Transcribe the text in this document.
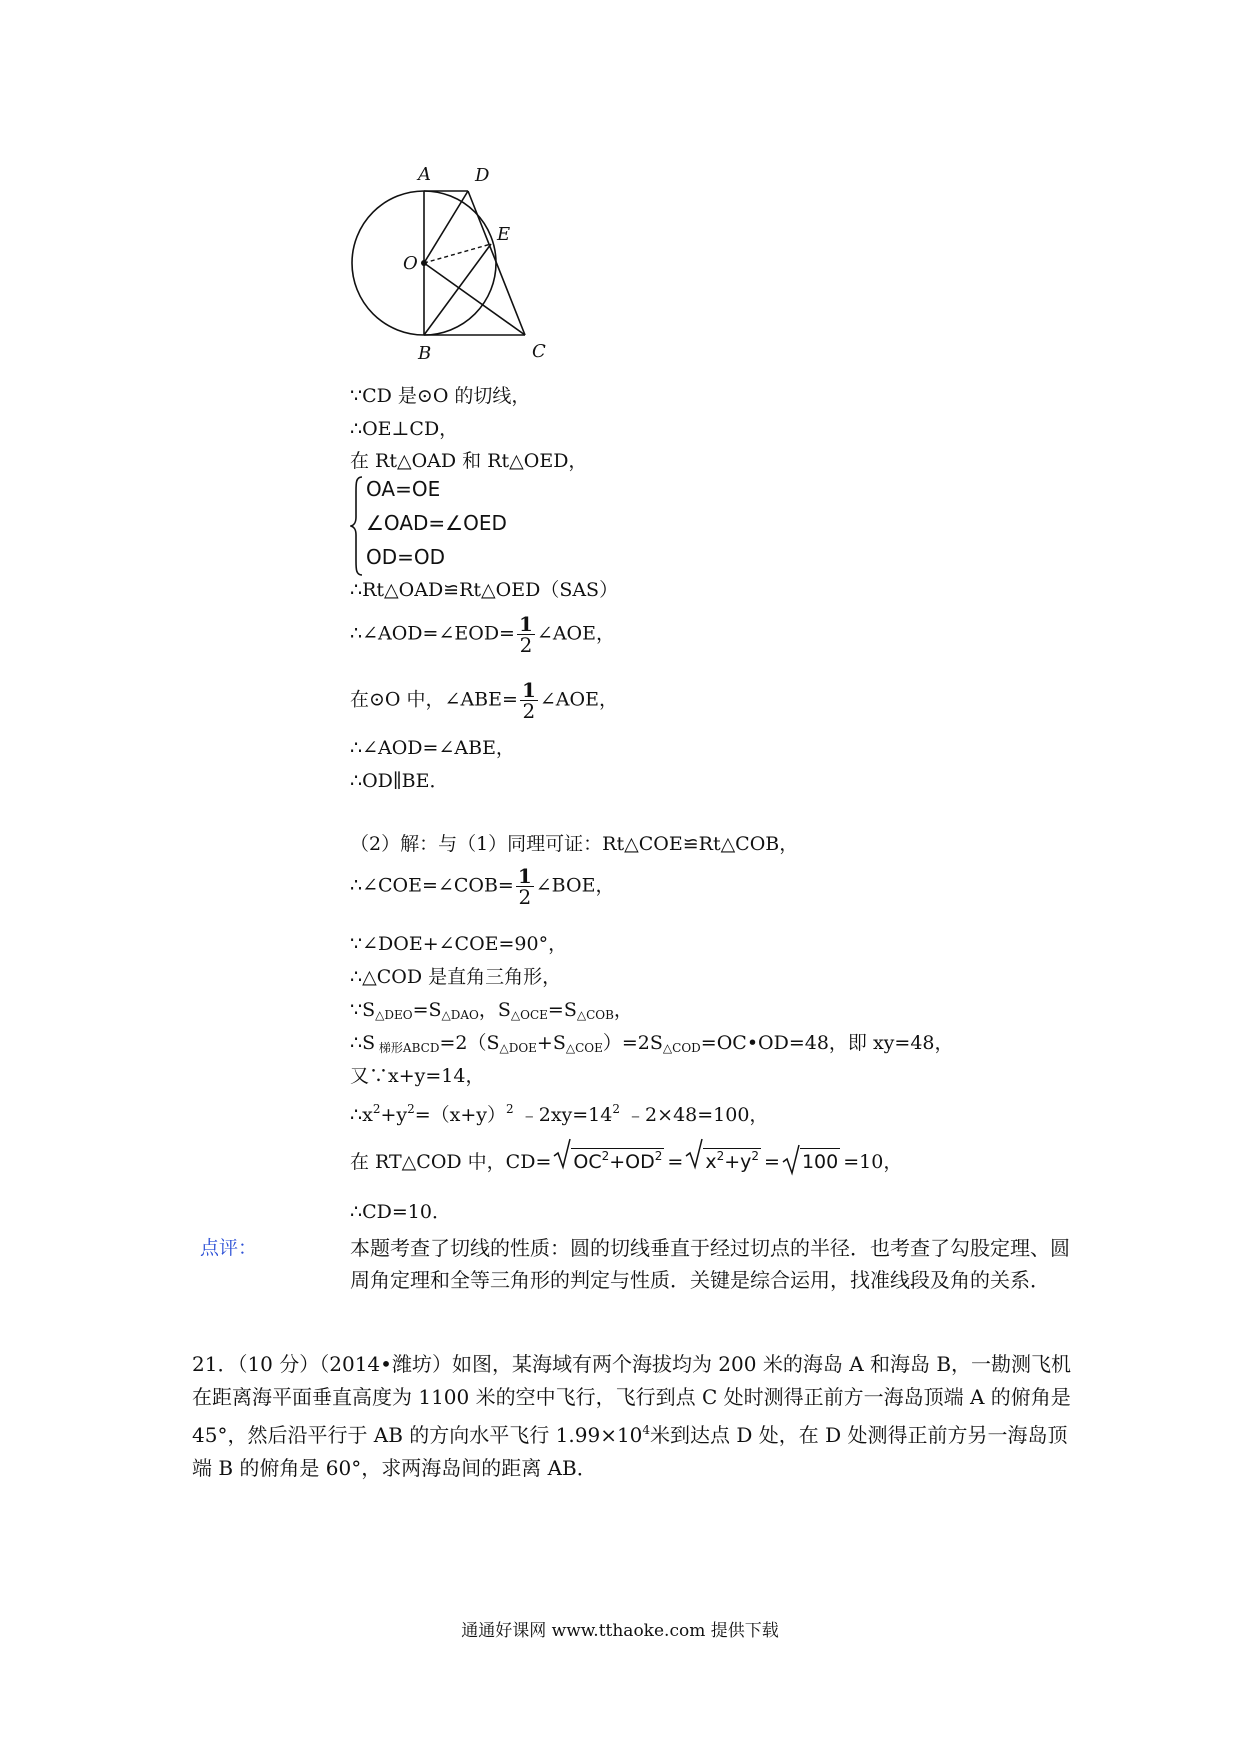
A D
E
O
B	C
∵CD 是⊙O 的切线，
∴OE⊥CD，
在 Rt△OAD 和 Rt△OED，
OA=OE
∠OAD=∠OED
OD=OD
∴Rt△OAD≌Rt△OED（SAS）
∴∠AOD=∠EOD= $\frac{1}{2}$ ∠AOE，
在⊙O 中，∠ABE= $\frac{1}{2}$ ∠AOE，
∴∠AOD=∠ABE，
∴OD∥BE．
（2）解：与（1）同理可证：Rt△COE≌Rt△COB，
∴∠COE=∠COB= $\frac{1}{2}$ ∠BOE，
∵∠DOE+∠COE=90°，
∴△COD 是直角三角形，
$\because S_{\triangle DEO}=S_{\triangle DAO}$，$S_{\triangle OCE}=S_{\triangle COB}$，
∴S $_{梯形ABCD}=2(S_{\triangle DOE}+S_{\triangle COE})=2S_{\triangle COD}=OC•OD=48$，即 xy=48，
又∵x+y=14，
$\therefore x^2+y^2=(x+y)^2$ $﹣2xy=14^2$ ﹣2×48=100，
在 RT△COD 中，$CD= OC^2+OD^2 = x^2+y^2 = 100 =10$，
∴CD=10．
点评：	本题考查了切线的性质：圆的切线垂直于经过切点的半径．也考查了勾股定理、圆周角定理和全等三角形的判定与性质．关键是综合运用，找准线段及角的关系．
21．（10 分）（2014•潍坊）如图，某海域有两个海拔均为 200 米的海岛 A 和海岛 B，一勘测飞机在距离海平面垂直高度为 1100 米的空中飞行，飞行到点 C 处时测得正前方一海岛顶端 A 的俯角是 45°，然后沿平行于 AB 的方向水平飞行 $1.99\times 10^4$米到达点 D 处，在 D 处测得正前方另一海岛顶端 B 的俯角是 60°，求两海岛间的距离 AB．
通通好课网 www.tthaoke.com 提供下载
